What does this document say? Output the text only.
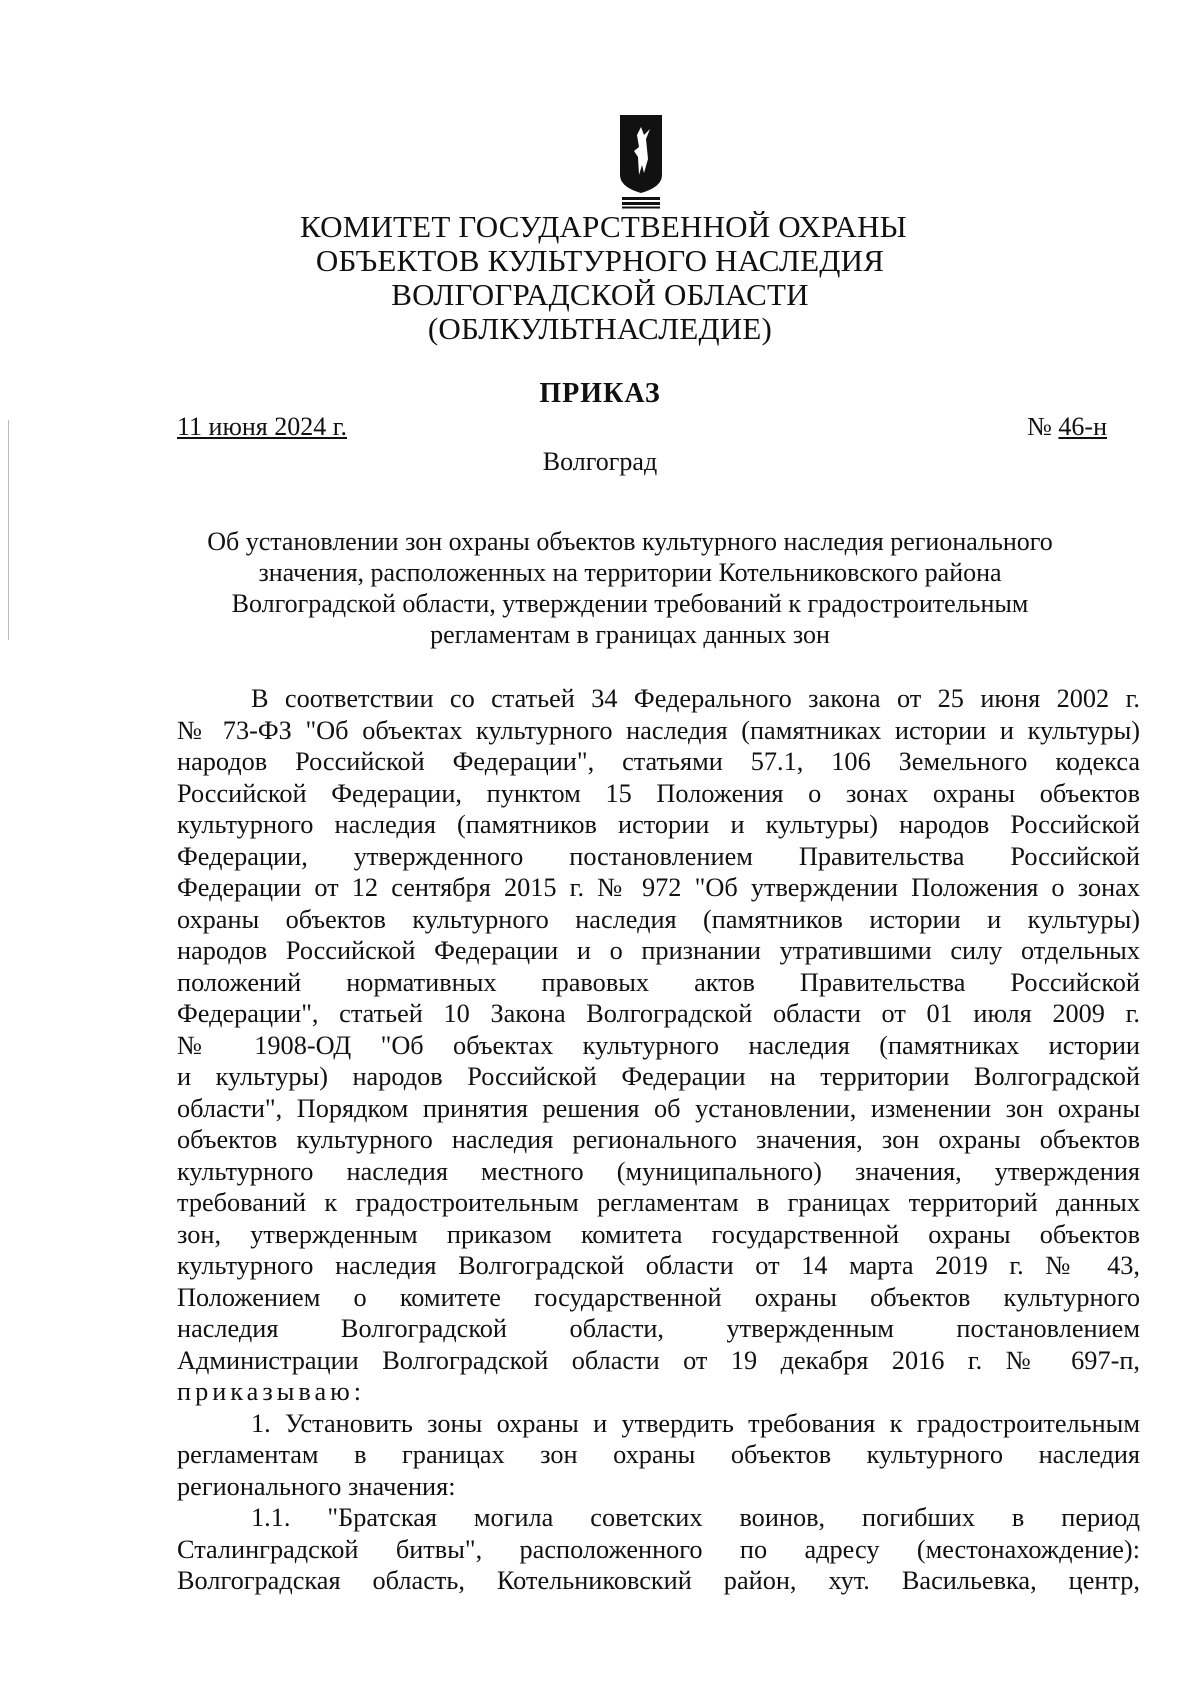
КОМИТЕТ ГОСУДАРСТВЕННОЙ ОХРАНЫ
ОБЪЕКТОВ КУЛЬТУРНОГО НАСЛЕДИЯ
ВОЛГОГРАДСКОЙ ОБЛАСТИ
(ОБЛКУЛЬТНАСЛЕДИЕ)
ПРИКАЗ
11 июня 2024 г.	№ 46-н
Волгоград
Об установлении зон охраны объектов культурного наследия регионального
значения, расположенных на территории Котельниковского района
Волгоградской области, утверждении требований к градостроительным
регламентам в границах данных зон
В соответствии со статьей 34 Федерального закона от 25 июня 2002 г.
№ 73-ФЗ "Об объектах культурного наследия (памятниках истории и культуры)
народов Российской Федерации", статьями 57.1, 106 Земельного кодекса
Российской Федерации, пунктом 15 Положения о зонах охраны объектов
культурного наследия (памятников истории и культуры) народов Российской
Федерации, утвержденного постановлением Правительства Российской
Федерации от 12 сентября 2015 г. № 972 "Об утверждении Положения о зонах
охраны объектов культурного наследия (памятников истории и культуры)
народов Российской Федерации и о признании утратившими силу отдельных
положений нормативных правовых актов Правительства Российской
Федерации", статьей 10 Закона Волгоградской области от 01 июля 2009 г.
№ 1908-ОД "Об объектах культурного наследия (памятниках истории
и культуры) народов Российской Федерации на территории Волгоградской
области", Порядком принятия решения об установлении, изменении зон охраны
объектов культурного наследия регионального значения, зон охраны объектов
культурного наследия местного (муниципального) значения, утверждения
требований к градостроительным регламентам в границах территорий данных
зон, утвержденным приказом комитета государственной охраны объектов
культурного наследия Волгоградской области от 14 марта 2019 г. № 43,
Положением о комитете государственной охраны объектов культурного
наследия Волгоградской области, утвержденным постановлением
Администрации Волгоградской области от 19 декабря 2016 г. № 697-п,
приказываю:
1. Установить зоны охраны и утвердить требования к градостроительным
регламентам в границах зон охраны объектов культурного наследия
регионального значения:
1.1. "Братская могила советских воинов, погибших в период
Сталинградской битвы", расположенного по адресу (местонахождение):
Волгоградская область, Котельниковский район, хут. Васильевка, центр,
